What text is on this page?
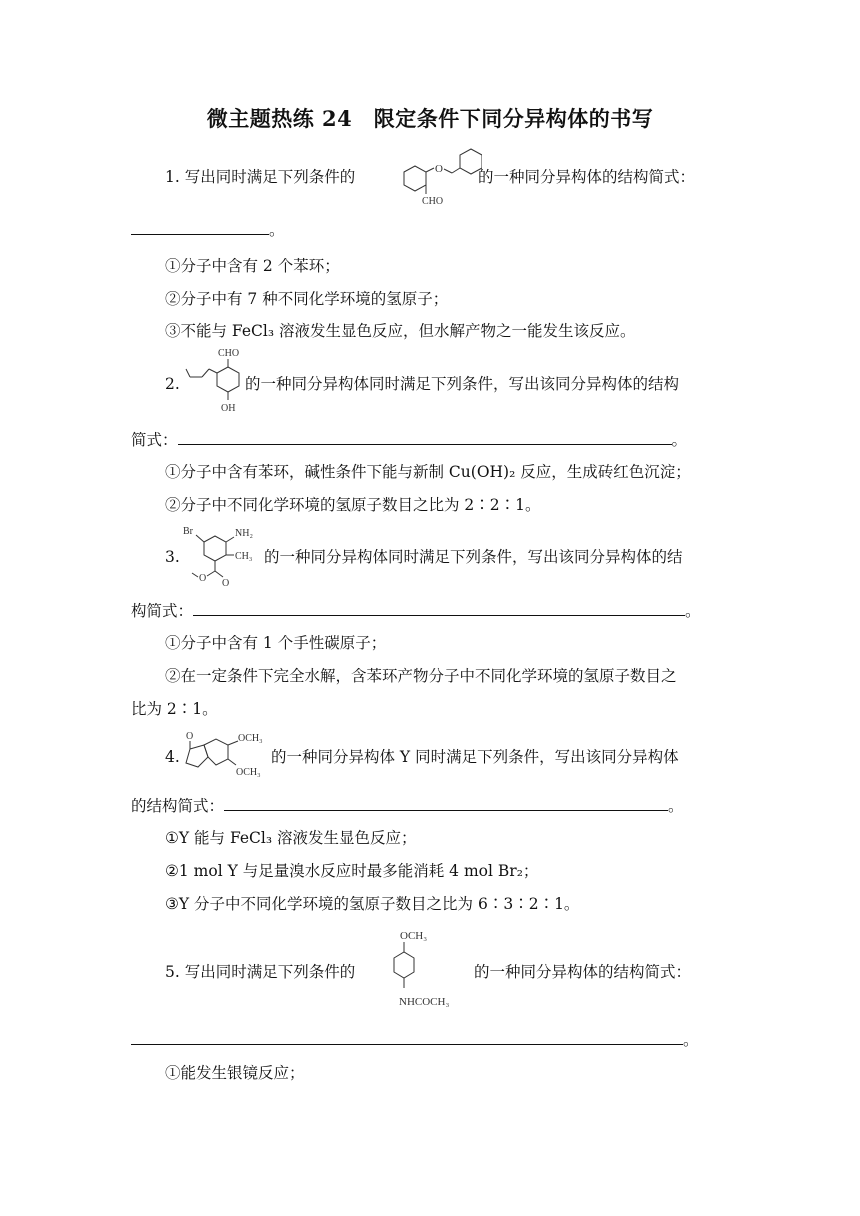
微主题热练 24　限定条件下同分异构体的书写
1. 写出同时满足下列条件的	O
CHO
的一种同分异构体的结构简式：
。
①分子中含有 2 个苯环；
②分子中有 7 种不同化学环境的氢原子；
③不能与 FeCl₃ 溶液发生显色反应，但水解产物之一能发生该反应。
2.
CHO
OH
的一种同分异构体同时满足下列条件，写出该同分异构体的结构
简式：	。
①分子中含有苯环，碱性条件下能与新制 Cu(OH)₂ 反应，生成砖红色沉淀；
②分子中不同化学环境的氢原子数目之比为 2∶2∶1。
3.
Br	NH₂
CH₃
O
O
的一种同分异构体同时满足下列条件，写出该同分异构体的结
构简式：	。
①分子中含有 1 个手性碳原子；
②在一定条件下完全水解，含苯环产物分子中不同化学环境的氢原子数目之
比为 2∶1。
4.
O	OCH₃
OCH₃
的一种同分异构体 Y 同时满足下列条件，写出该同分异构体
的结构简式：	。
①Y 能与 FeCl₃ 溶液发生显色反应；
②1 mol Y 与足量溴水反应时最多能消耗 4 mol Br₂；
③Y 分子中不同化学环境的氢原子数目之比为 6∶3∶2∶1。
5. 写出同时满足下列条件的
OCH₃
NHCOCH₃
的一种同分异构体的结构简式：
。
①能发生银镜反应；
